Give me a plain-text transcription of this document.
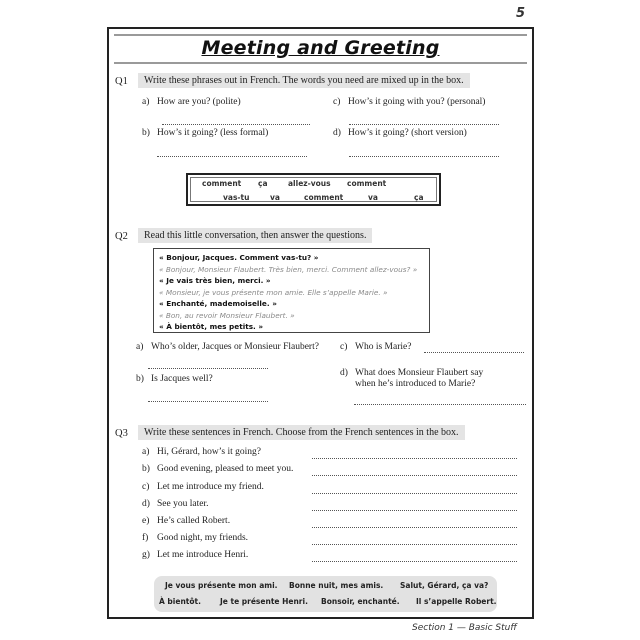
5
Meeting and Greeting
Q1	Write these phrases out in French. The words you need are mixed up in the box.
a) How are you? (polite)
b) How’s it going? (less formal)
c) How’s it going with you? (personal)
d) How’s it going? (short version)
comment ça	allez-vous comment
vas-tu	va	comment	va	ça
Q2	Read this little conversation, then answer the questions.
« Bonjour, Jacques. Comment vas-tu? »
« Bonjour, Monsieur Flaubert. Très bien, merci. Comment allez-vous? »
« Je vais très bien, merci. »
« Monsieur, je vous présente mon amie. Elle s’appelle Marie. »
« Enchanté, mademoiselle. »
« Bon, au revoir Monsieur Flaubert. »
« À bientôt, mes petits. »
a) Who’s older, Jacques or Monsieur Flaubert?
b) Is Jacques well?
c) Who is Marie?
d) What does Monsieur Flaubert say
when he’s introduced to Marie?
Q3	Write these sentences in French. Choose from the French sentences in the box.
a) Hi, Gérard, how’s it going?
b) Good evening, pleased to meet you.
c) Let me introduce my friend.
d) See you later.
e) He’s called Robert.
f) Good night, my friends.
g) Let me introduce Henri.
Je vous présente mon ami. Bonne nuit, mes amis. Salut, Gérard, ça va?
À bientôt.	Je te présente Henri. Bonsoir, enchanté. Il s’appelle Robert.
Section 1 — Basic Stuff
